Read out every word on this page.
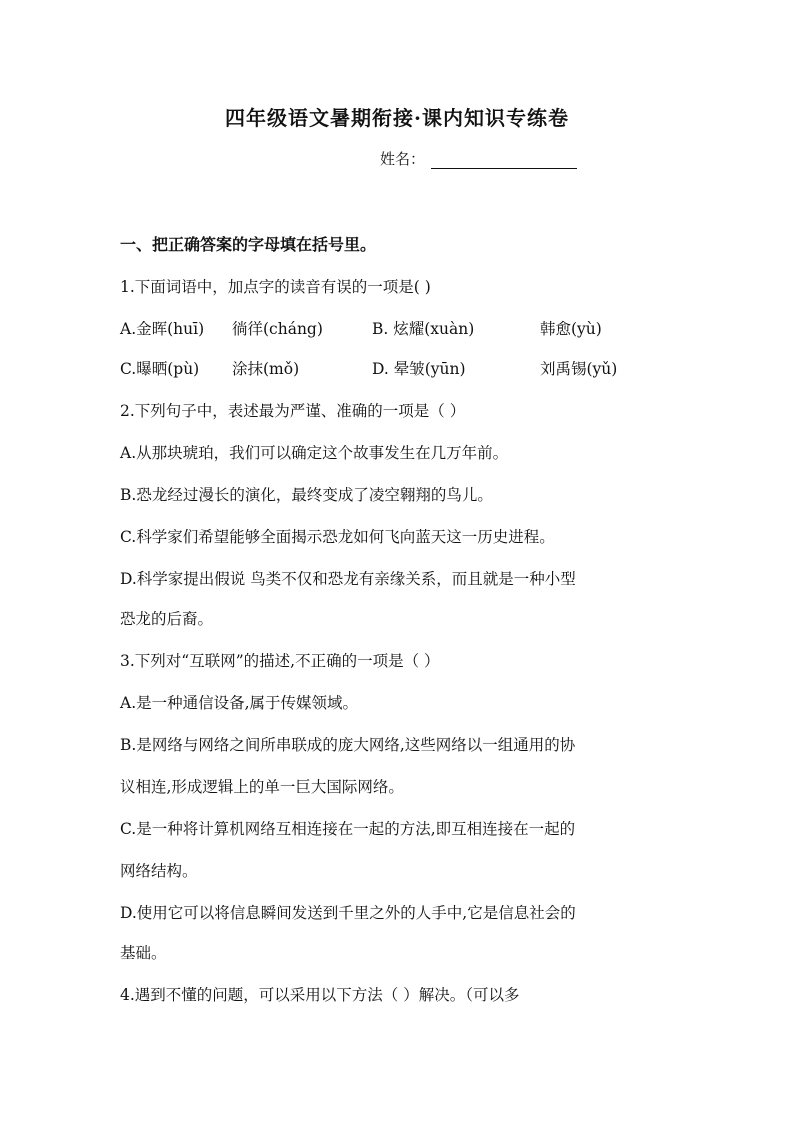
四年级语文暑期衔接·课内知识专练卷
姓名：
一、把正确答案的字母填在括号里。
1.下面词语中，加点字的读音有误的一项是( )
A.金晖(huī) 徜徉(cháng)	B. 炫耀(xuàn)	韩愈(yù)
C.曝晒(pù) 涂抹(mǒ)	D. 晕皱(yūn)	刘禹锡(yǔ)
2.下列句子中，表述最为严谨、准确的一项是（ ）
A.从那块琥珀，我们可以确定这个故事发生在几万年前。
B.恐龙经过漫长的演化，最终变成了凌空翱翔的鸟儿。
C.科学家们希望能够全面揭示恐龙如何飞向蓝天这一历史进程。
D.科学家提出假说 鸟类不仅和恐龙有亲缘关系，而且就是一种小型
恐龙的后裔。
3.下列对“互联网”的描述,不正确的一项是（ ）
A.是一种通信设备,属于传媒领域。
B.是网络与网络之间所串联成的庞大网络,这些网络以一组通用的协
议相连,形成逻辑上的单一巨大国际网络。
C.是一种将计算机网络互相连接在一起的方法,即互相连接在一起的
网络结构。
D.使用它可以将信息瞬间发送到千里之外的人手中,它是信息社会的
基础。
4.遇到不懂的问题，可以采用以下方法（ ）解决。（可以多
